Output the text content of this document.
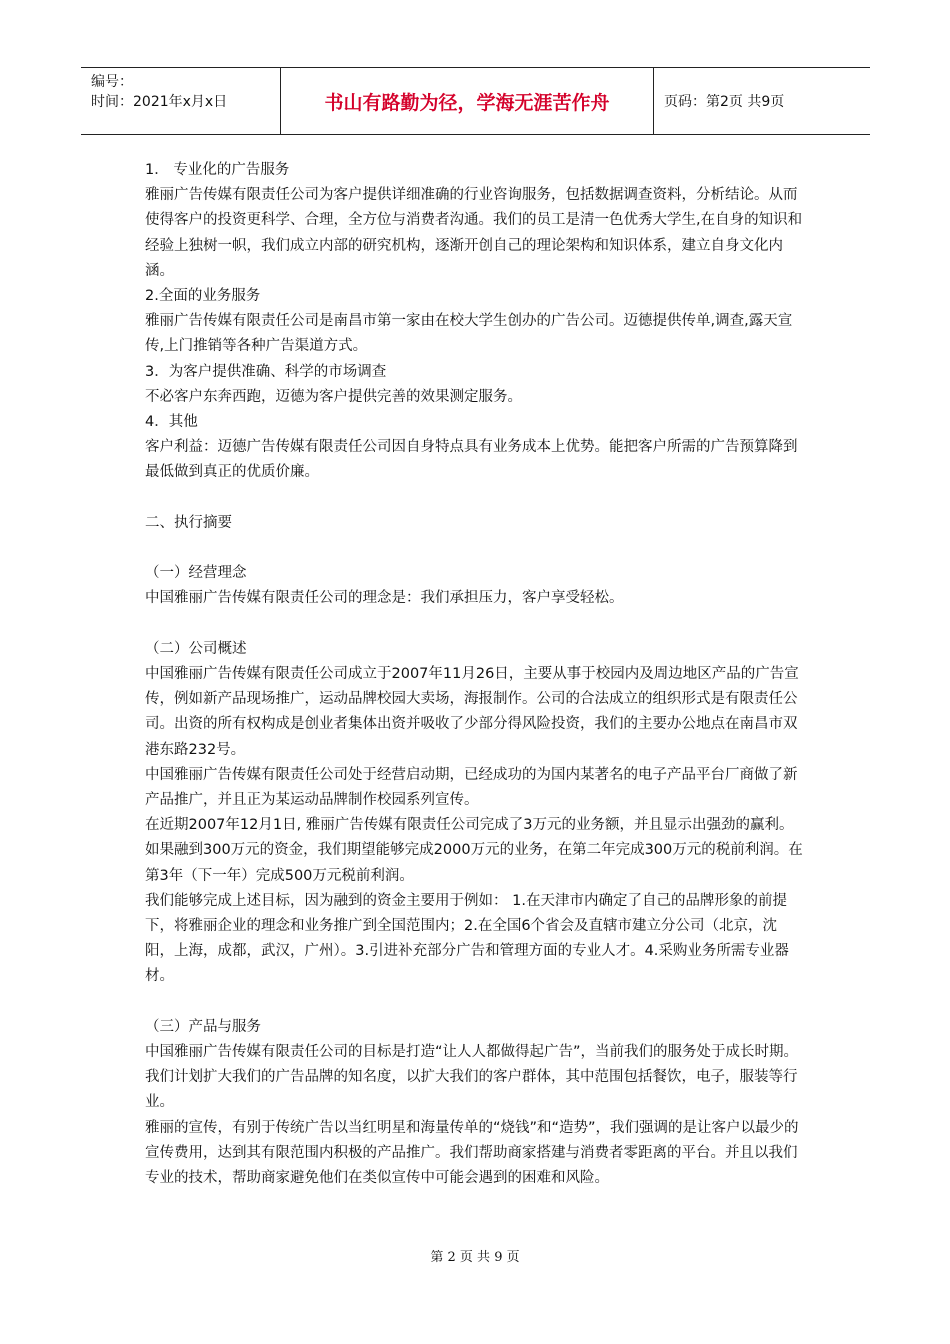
编号：
时间：2021年x月x日	书山有路勤为径，学海无涯苦作舟	页码：第2页 共9页

1． 专业化的广告服务

雅丽广告传媒有限责任公司为客户提供详细准确的行业咨询服务，包括数据调查资料，分析结论。从而使得客户的投资更科学、合理，全方位与消费者沟通。我们的员工是清一色优秀大学生,在自身的知识和经验上独树一帜，我们成立内部的研究机构，逐渐开创自己的理论架构和知识体系，建立自身文化内涵。

2.全面的业务服务

雅丽广告传媒有限责任公司是南昌市第一家由在校大学生创办的广告公司。迈德提供传单,调查,露天宣传,上门推销等各种广告渠道方式。

3．为客户提供准确、科学的市场调查

不必客户东奔西跑，迈德为客户提供完善的效果测定服务。

4．其他

客户利益：迈德广告传媒有限责任公司因自身特点具有业务成本上优势。能把客户所需的广告预算降到最低做到真正的优质价廉。

二、执行摘要

（一）经营理念

中国雅丽广告传媒有限责任公司的理念是：我们承担压力，客户享受轻松。

（二）公司概述

中国雅丽广告传媒有限责任公司成立于2007年11月26日，主要从事于校园内及周边地区产品的广告宣传，例如新产品现场推广，运动品牌校园大卖场，海报制作。公司的合法成立的组织形式是有限责任公司。出资的所有权构成是创业者集体出资并吸收了少部分得风险投资，我们的主要办公地点在南昌市双港东路232号。

中国雅丽广告传媒有限责任公司处于经营启动期，已经成功的为国内某著名的电子产品平台厂商做了新产品推广，并且正为某运动品牌制作校园系列宣传。

在近期2007年12月1日, 雅丽广告传媒有限责任公司完成了3万元的业务额，并且显示出强劲的赢利。如果融到300万元的资金，我们期望能够完成2000万元的业务，在第二年完成300万元的税前利润。在第3年（下一年）完成500万元税前利润。

我们能够完成上述目标，因为融到的资金主要用于例如： 1.在天津市内确定了自己的品牌形象的前提下，将雅丽企业的理念和业务推广到全国范围内；2.在全国6个省会及直辖市建立分公司（北京，沈阳，上海，成都，武汉，广州）。3.引进补充部分广告和管理方面的专业人才。4.采购业务所需专业器材。

（三）产品与服务

中国雅丽广告传媒有限责任公司的目标是打造“让人人都做得起广告”，当前我们的服务处于成长时期。我们计划扩大我们的广告品牌的知名度，以扩大我们的客户群体，其中范围包括餐饮，电子，服装等行业。

雅丽的宣传，有别于传统广告以当红明星和海量传单的“烧钱”和“造势”，我们强调的是让客户以最少的宣传费用，达到其有限范围内积极的产品推广。我们帮助商家搭建与消费者零距离的平台。并且以我们专业的技术，帮助商家避免他们在类似宣传中可能会遇到的困难和风险。

第 2 页 共 9 页
